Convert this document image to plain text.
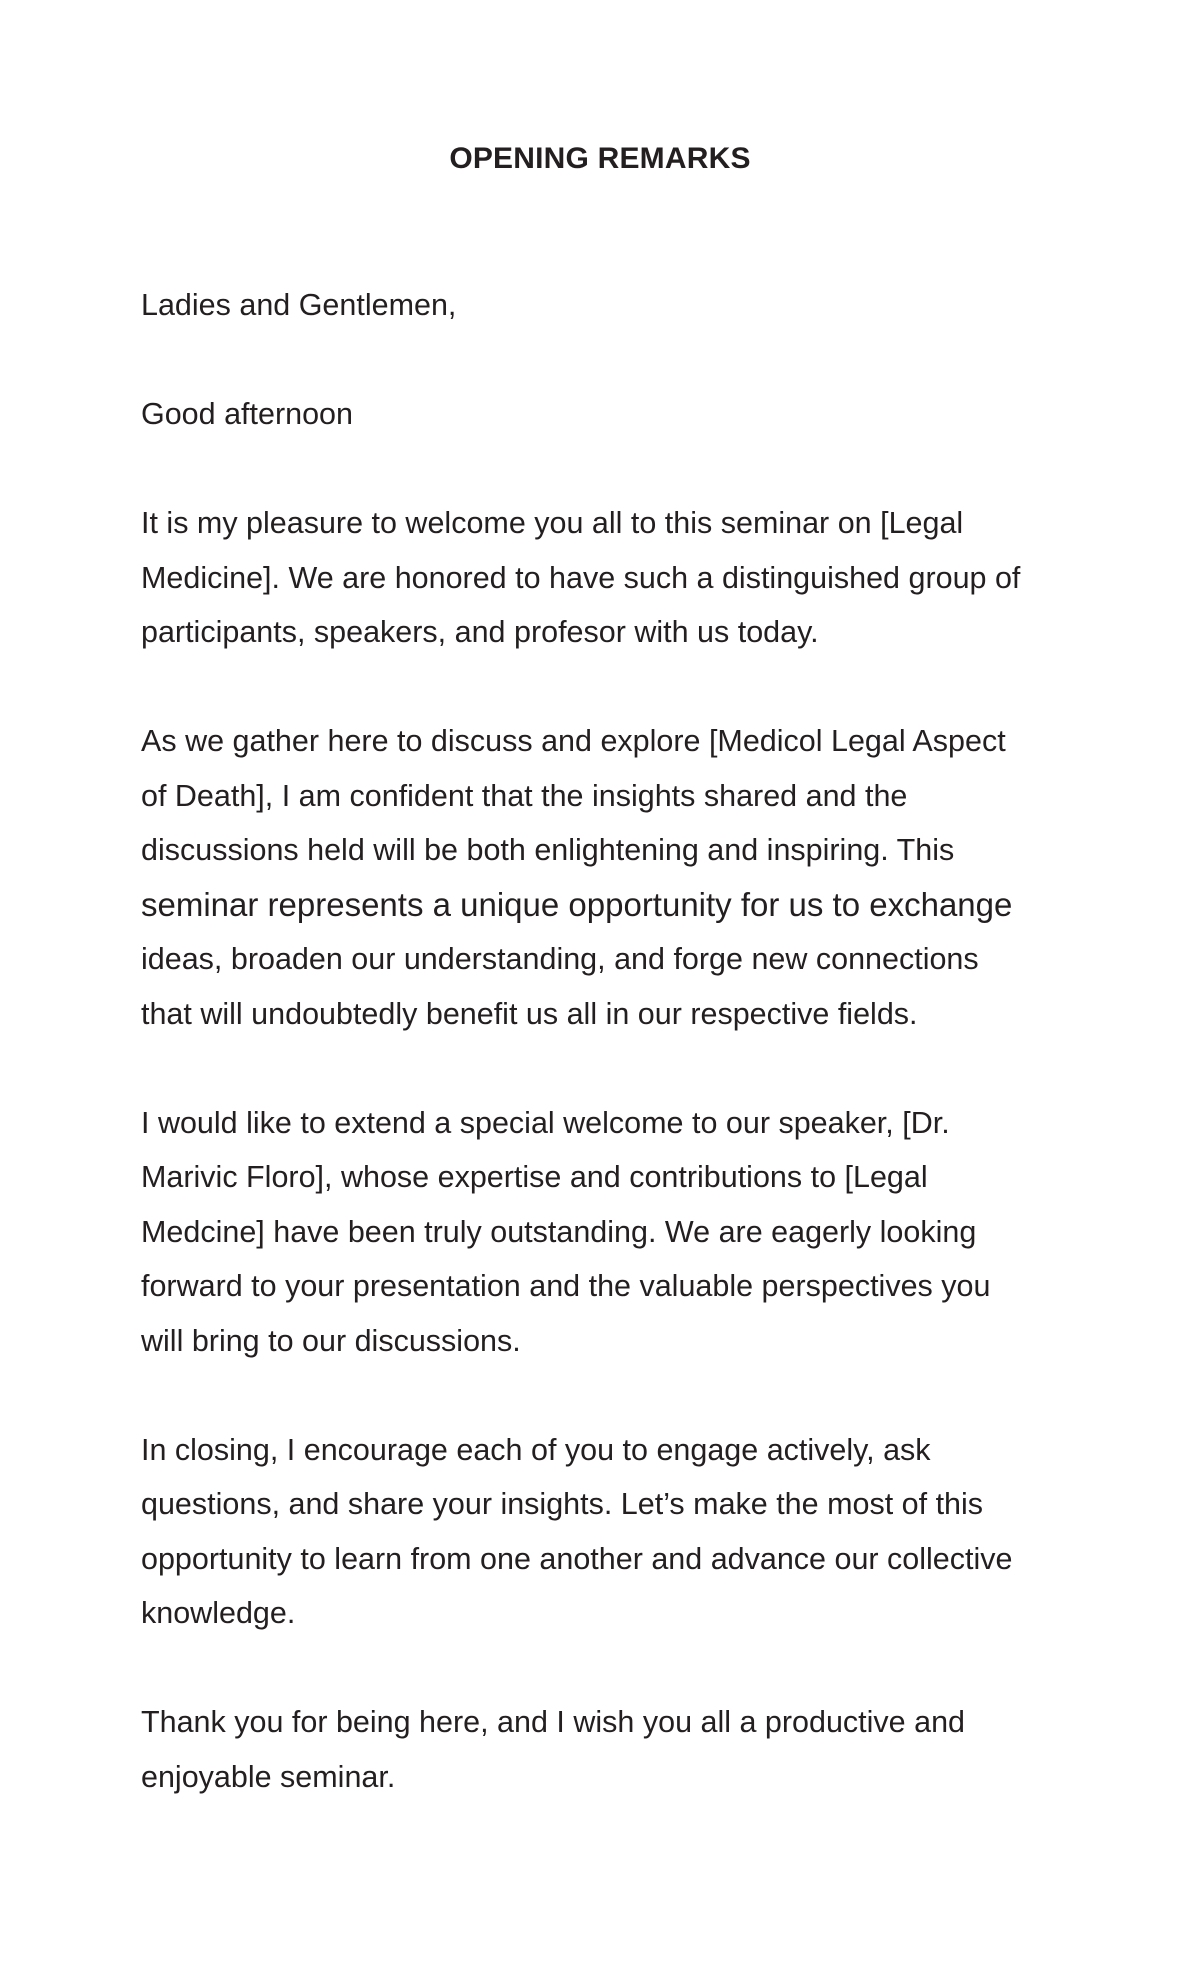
OPENING REMARKS

Ladies and Gentlemen,

Good afternoon

It is my pleasure to welcome you all to this seminar on [Legal
Medicine]. We are honored to have such a distinguished group of
participants, speakers, and profesor with us today.

As we gather here to discuss and explore [Medicol Legal Aspect
of Death], I am confident that the insights shared and the
discussions held will be both enlightening and inspiring. This
seminar represents a unique opportunity for us to exchange
ideas, broaden our understanding, and forge new connections
that will undoubtedly benefit us all in our respective fields.

I would like to extend a special welcome to our speaker, [Dr.
Marivic Floro], whose expertise and contributions to [Legal
Medcine] have been truly outstanding. We are eagerly looking
forward to your presentation and the valuable perspectives you
will bring to our discussions.

In closing, I encourage each of you to engage actively, ask
questions, and share your insights. Let’s make the most of this
opportunity to learn from one another and advance our collective
knowledge.

Thank you for being here, and I wish you all a productive and
enjoyable seminar.
